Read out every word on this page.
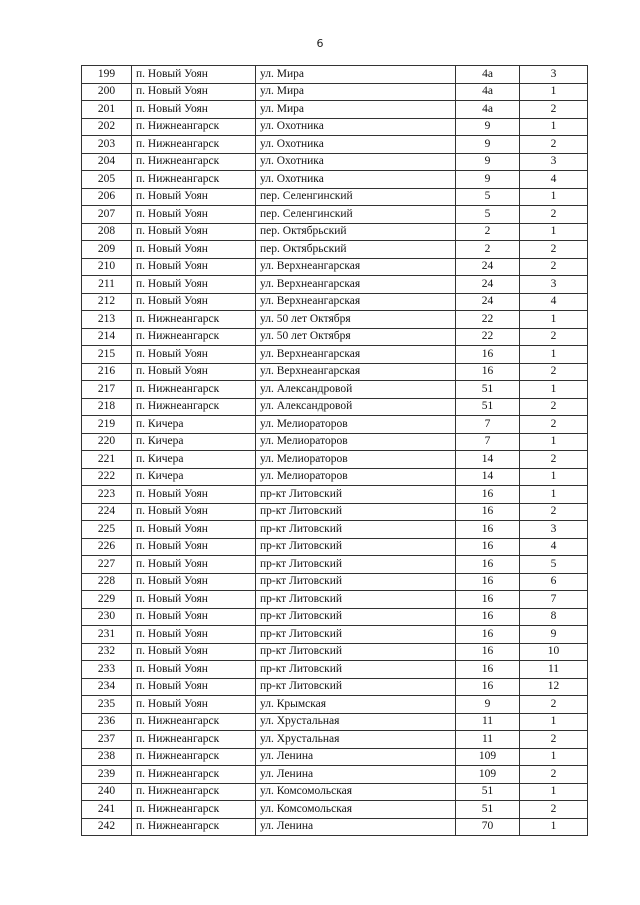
6
199	п. Новый Уоян	ул. Мира	4а	3
200	п. Новый Уоян	ул. Мира	4а	1
201	п. Новый Уоян	ул. Мира	4а	2
202	п. Нижнеангарск	ул. Охотника	9	1
203	п. Нижнеангарск	ул. Охотника	9	2
204	п. Нижнеангарск	ул. Охотника	9	3
205	п. Нижнеангарск	ул. Охотника	9	4
206	п. Новый Уоян	пер. Селенгинский	5	1
207	п. Новый Уоян	пер. Селенгинский	5	2
208	п. Новый Уоян	пер. Октябрьский	2	1
209	п. Новый Уоян	пер. Октябрьский	2	2
210	п. Новый Уоян	ул. Верхнеангарская	24	2
211	п. Новый Уоян	ул. Верхнеангарская	24	3
212	п. Новый Уоян	ул. Верхнеангарская	24	4
213	п. Нижнеангарск	ул. 50 лет Октября	22	1
214	п. Нижнеангарск	ул. 50 лет Октября	22	2
215	п. Новый Уоян	ул. Верхнеангарская	16	1
216	п. Новый Уоян	ул. Верхнеангарская	16	2
217	п. Нижнеангарск	ул. Александровой	51	1
218	п. Нижнеангарск	ул. Александровой	51	2
219	п. Кичера	ул. Мелиораторов	7	2
220	п. Кичера	ул. Мелиораторов	7	1
221	п. Кичера	ул. Мелиораторов	14	2
222	п. Кичера	ул. Мелиораторов	14	1
223	п. Новый Уоян	пр-кт Литовский	16	1
224	п. Новый Уоян	пр-кт Литовский	16	2
225	п. Новый Уоян	пр-кт Литовский	16	3
226	п. Новый Уоян	пр-кт Литовский	16	4
227	п. Новый Уоян	пр-кт Литовский	16	5
228	п. Новый Уоян	пр-кт Литовский	16	6
229	п. Новый Уоян	пр-кт Литовский	16	7
230	п. Новый Уоян	пр-кт Литовский	16	8
231	п. Новый Уоян	пр-кт Литовский	16	9
232	п. Новый Уоян	пр-кт Литовский	16	10
233	п. Новый Уоян	пр-кт Литовский	16	11
234	п. Новый Уоян	пр-кт Литовский	16	12
235	п. Новый Уоян	ул. Крымская	9	2
236	п. Нижнеангарск	ул. Хрустальная	11	1
237	п. Нижнеангарск	ул. Хрустальная	11	2
238	п. Нижнеангарск	ул. Ленина	109	1
239	п. Нижнеангарск	ул. Ленина	109	2
240	п. Нижнеангарск	ул. Комсомольская	51	1
241	п. Нижнеангарск	ул. Комсомольская	51	2
242	п. Нижнеангарск	ул. Ленина	70	1
